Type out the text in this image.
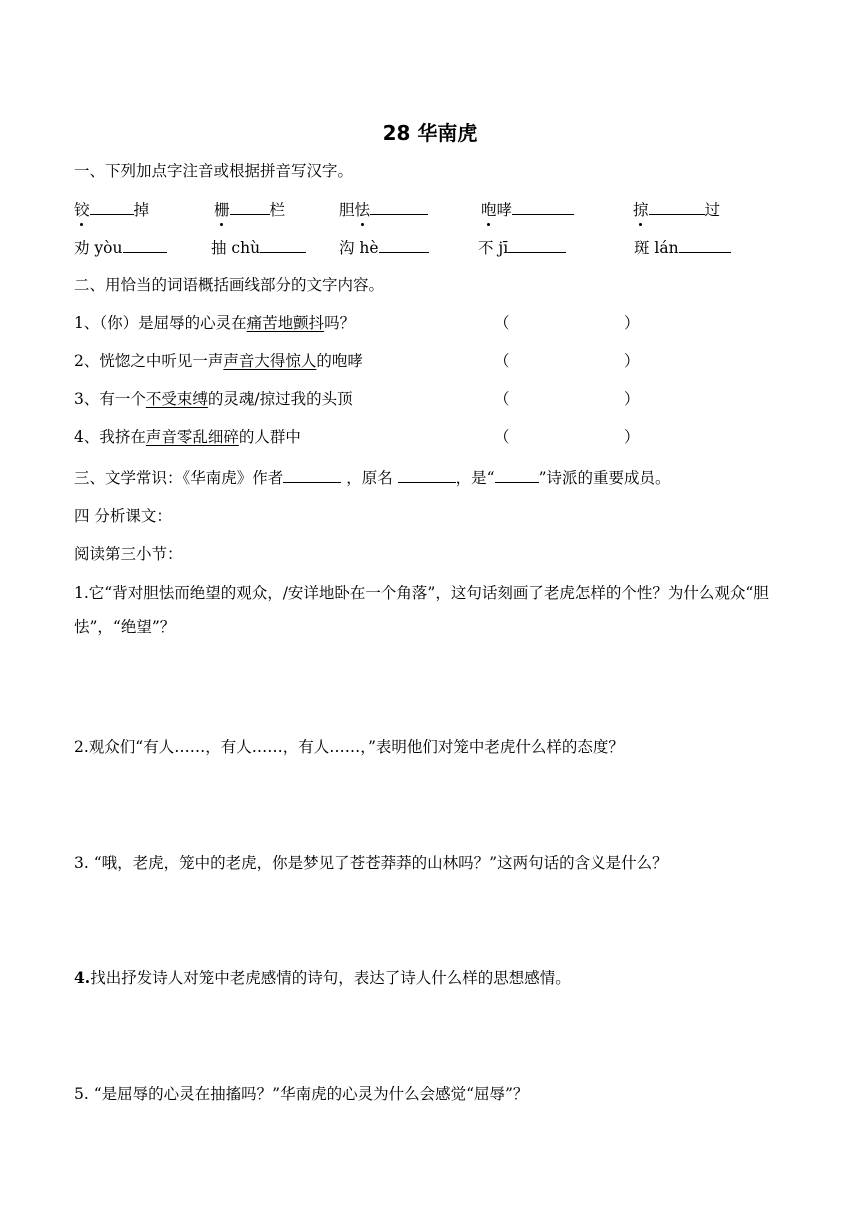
28 华南虎
一、下列加点字注音或根据拼音写汉字。
铰	掉	栅	栏	胆怯	咆哮	掠	过
劝 yòu	抽 chù	沟 hè	不 jī	斑 lán
二、用恰当的词语概括画线部分的文字内容。
1、（你）是屈辱的心灵在痛苦地颤抖吗？	（	）
2、恍惚之中听见一声声音大得惊人的咆哮	（	）
3、有一个不受束缚的灵魂/掠过我的头顶	（	）
4、我挤在声音零乱细碎的人群中	（	）
三、文学常识：《华南虎》作者	，原名	，是“	”诗派的重要成员。
四 分析课文：
阅读第三小节：
1.它“背对胆怯而绝望的观众，/安详地卧在一个角落”，这句话刻画了老虎怎样的个性？为什么观众“胆怯”，“绝望”？
2.观众们“有人……，有人……，有人……，”表明他们对笼中老虎什么样的态度？
3. “哦，老虎，笼中的老虎，你是梦见了苍苍莽莽的山林吗？”这两句话的含义是什么？
4.找出抒发诗人对笼中老虎感情的诗句，表达了诗人什么样的思想感情。
5. “是屈辱的心灵在抽搐吗？”华南虎的心灵为什么会感觉“屈辱”？
